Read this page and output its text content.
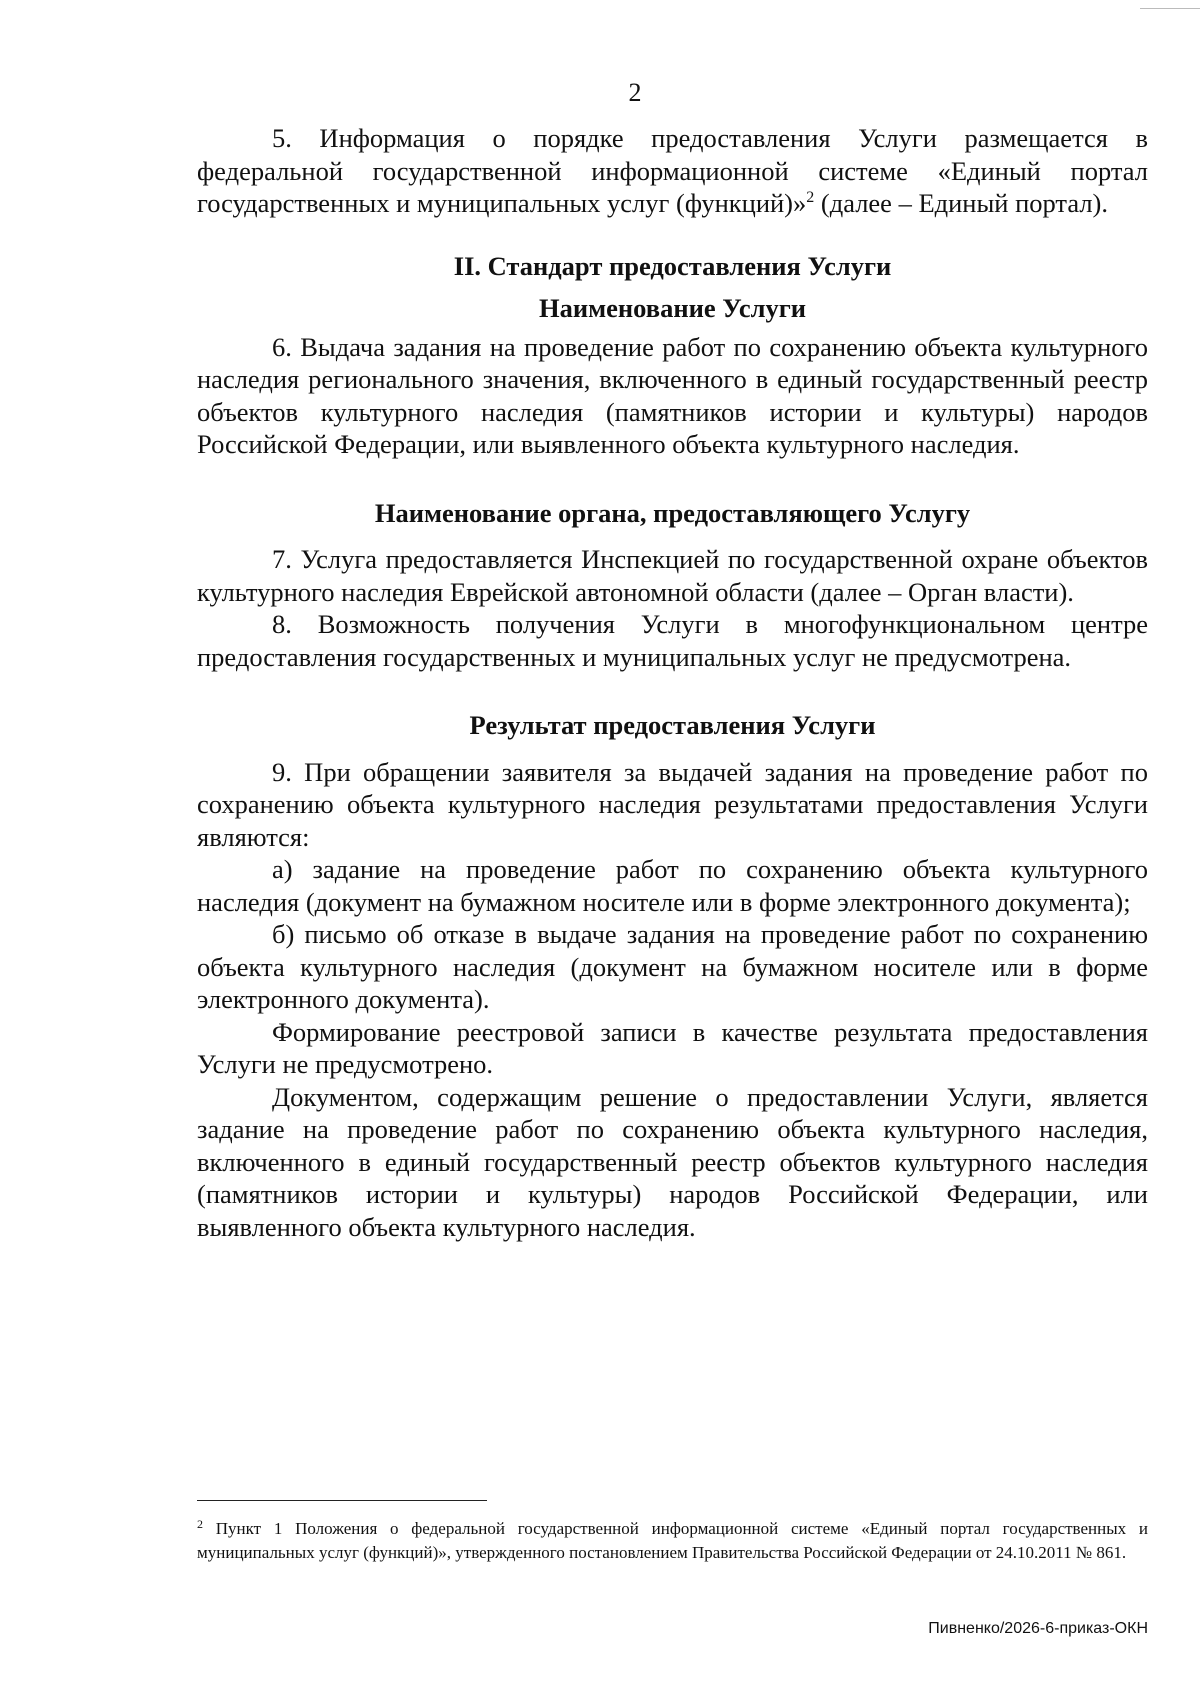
2

5. Информация о порядке предоставления Услуги размещается в федеральной государственной информационной системе «Единый портал государственных и муниципальных услуг (функций)»$^2$ (далее – Единый портал).

II. Стандарт предоставления Услуги

Наименование Услуги

6. Выдача задания на проведение работ по сохранению объекта культурного наследия регионального значения, включенного в единый государственный реестр объектов культурного наследия (памятников истории и культуры) народов Российской Федерации, или выявленного объекта культурного наследия.

Наименование органа, предоставляющего Услугу

7. Услуга предоставляется Инспекцией по государственной охране объектов культурного наследия Еврейской автономной области (далее – Орган власти).

8. Возможность получения Услуги в многофункциональном центре предоставления государственных и муниципальных услуг не предусмотрена.

Результат предоставления Услуги

9. При обращении заявителя за выдачей задания на проведение работ по сохранению объекта культурного наследия результатами предоставления Услуги являются:

а) задание на проведение работ по сохранению объекта культурного наследия (документ на бумажном носителе или в форме электронного документа);

б) письмо об отказе в выдаче задания на проведение работ по сохранению объекта культурного наследия (документ на бумажном носителе или в форме электронного документа).

Формирование реестровой записи в качестве результата предоставления Услуги не предусмотрено.

Документом, содержащим решение о предоставлении Услуги, является задание на проведение работ по сохранению объекта культурного наследия, включенного в единый государственный реестр объектов культурного наследия (памятников истории и культуры) народов Российской Федерации, или выявленного объекта культурного наследия.

$^2$ Пункт 1 Положения о федеральной государственной информационной системе «Единый портал государственных и муниципальных услуг (функций)», утвержденного постановлением Правительства Российской Федерации от 24.10.2011 № 861.
Пивненко/2026-6-приказ-ОКН
